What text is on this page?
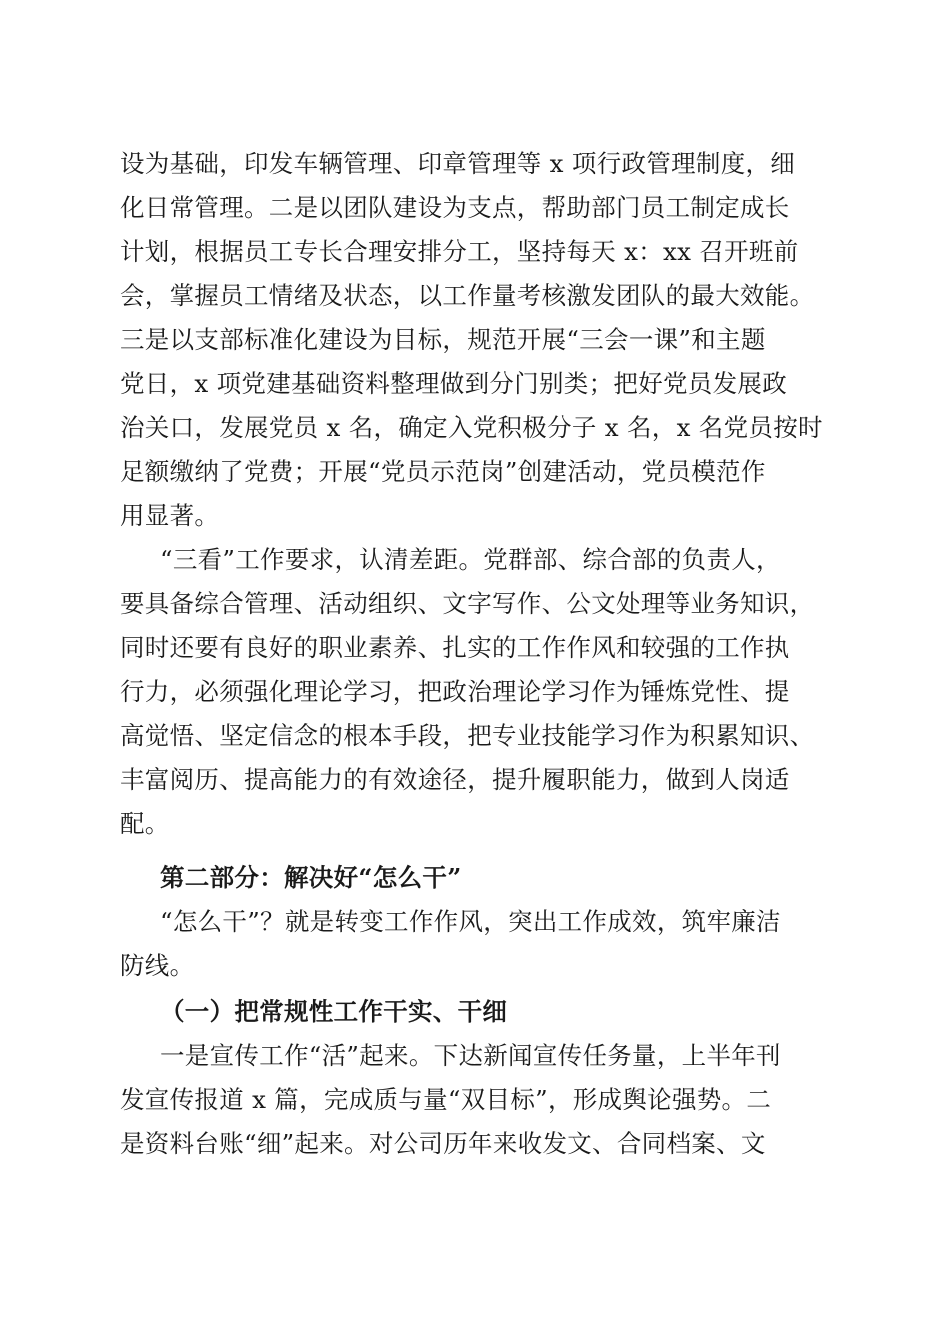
设为基础，印发车辆管理、印章管理等 x 项行政管理制度，细
化日常管理。二是以团队建设为支点，帮助部门员工制定成长
计划，根据员工专长合理安排分工，坚持每天 x：xx 召开班前
会，掌握员工情绪及状态，以工作量考核激发团队的最大效能。
三是以支部标准化建设为目标，规范开展“三会一课”和主题
党日，x 项党建基础资料整理做到分门别类；把好党员发展政
治关口，发展党员 x 名，确定入党积极分子 x 名，x 名党员按时
足额缴纳了党费；开展“党员示范岗”创建活动，党员模范作
用显著。
“三看”工作要求，认清差距。党群部、综合部的负责人，
要具备综合管理、活动组织、文字写作、公文处理等业务知识，
同时还要有良好的职业素养、扎实的工作作风和较强的工作执
行力，必须强化理论学习，把政治理论学习作为锤炼党性、提
高觉悟、坚定信念的根本手段，把专业技能学习作为积累知识、
丰富阅历、提高能力的有效途径，提升履职能力，做到人岗适
配。
第二部分：解决好“怎么干”
“怎么干”？就是转变工作作风，突出工作成效，筑牢廉洁
防线。
（一）把常规性工作干实、干细
一是宣传工作“活”起来。下达新闻宣传任务量，上半年刊
发宣传报道 x 篇，完成质与量“双目标”，形成舆论强势。二
是资料台账“细”起来。对公司历年来收发文、合同档案、文
